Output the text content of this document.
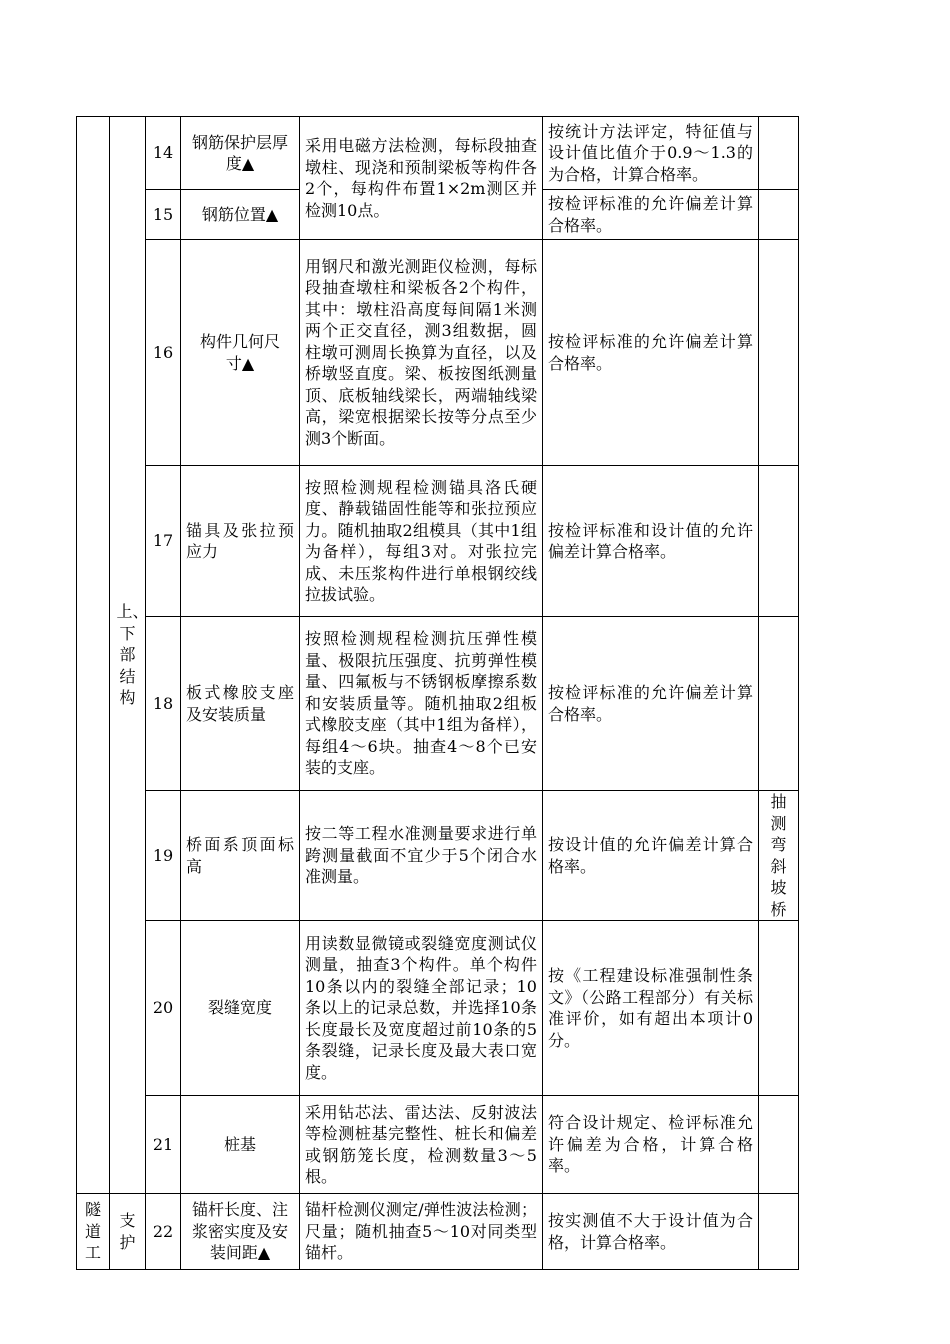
	上、下部结构	14	钢筋保护层厚度▲	采用电磁方法检测，每标段抽查墩柱、现浇和预制梁板等构件各2个，每构件布置1×2m测区并检测10点。	按统计方法评定，特征值与设计值比值介于0.9～1.3的为合格，计算合格率。	
		15	钢筋位置▲		按检评标准的允许偏差计算合格率。	
		16	构件几何尺寸▲	用钢尺和激光测距仪检测，每标段抽查墩柱和梁板各2个构件，其中：墩柱沿高度每间隔1米测两个正交直径，测3组数据，圆柱墩可测周长换算为直径，以及桥墩竖直度。梁、板按图纸测量顶、底板轴线梁长，两端轴线梁高，梁宽根据梁长按等分点至少测3个断面。	按检评标准的允许偏差计算合格率。	
		17	锚具及张拉预应力	按照检测规程检测锚具洛氏硬度、静载锚固性能等和张拉预应力。随机抽取2组模具（其中1组为备样），每组3对。对张拉完成、未压浆构件进行单根钢绞线拉拔试验。	按检评标准和设计值的允许偏差计算合格率。	
		18	板式橡胶支座及安装质量	按照检测规程检测抗压弹性模量、极限抗压强度、抗剪弹性模量、四氟板与不锈钢板摩擦系数和安装质量等。随机抽取2组板式橡胶支座（其中1组为备样），每组4～6块。抽查4～8个已安装的支座。	按检评标准的允许偏差计算合格率。	
		19	桥面系顶面标高	按二等工程水准测量要求进行单跨测量截面不宜少于5个闭合水准测量。	按设计值的允许偏差计算合格率。	抽测弯斜坡桥
		20	裂缝宽度	用读数显微镜或裂缝宽度测试仪测量，抽查3个构件。单个构件10条以内的裂缝全部记录；10条以上的记录总数，并选择10条长度最长及宽度超过前10条的5条裂缝，记录长度及最大表口宽度。	按《工程建设标准强制性条文》（公路工程部分）有关标准评价，如有超出本项计0分。	
		21	桩基	采用钻芯法、雷达法、反射波法等检测桩基完整性、桩长和偏差或钢筋笼长度，检测数量3～5根。	符合设计规定、检评标准允许偏差为合格，计算合格率。	

隧道工	支护	22	锚杆长度、注浆密实度及安装间距▲	锚杆检测仪测定/弹性波法检测；尺量；随机抽查5～10对同类型锚杆。	按实测值不大于设计值为合格，计算合格率。	
